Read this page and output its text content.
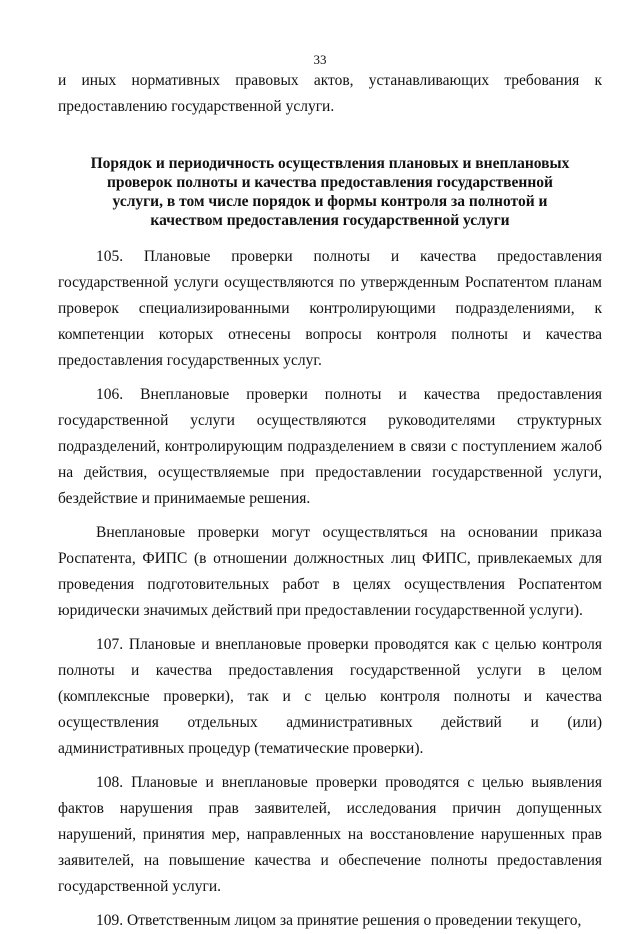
33

и иных нормативных правовых актов, устанавливающих требования к предоставлению государственной услуги.

Порядок и периодичность осуществления плановых и внеплановых проверок полноты и качества предоставления государственной услуги, в том числе порядок и формы контроля за полнотой и качеством предоставления государственной услуги

105. Плановые проверки полноты и качества предоставления государственной услуги осуществляются по утвержденным Роспатентом планам проверок специализированными контролирующими подразделениями, к компетенции которых отнесены вопросы контроля полноты и качества предоставления государственных услуг.

106. Внеплановые проверки полноты и качества предоставления государственной услуги осуществляются руководителями структурных подразделений, контролирующим подразделением в связи с поступлением жалоб на действия, осуществляемые при предоставлении государственной услуги, бездействие и принимаемые решения.

Внеплановые проверки могут осуществляться на основании приказа Роспатента, ФИПС (в отношении должностных лиц ФИПС, привлекаемых для проведения подготовительных работ в целях осуществления Роспатентом юридически значимых действий при предоставлении государственной услуги).

107. Плановые и внеплановые проверки проводятся как с целью контроля полноты и качества предоставления государственной услуги в целом (комплексные проверки), так и с целью контроля полноты и качества осуществления отдельных административных действий и (или) административных процедур (тематические проверки).

108. Плановые и внеплановые проверки проводятся с целью выявления фактов нарушения прав заявителей, исследования причин допущенных нарушений, принятия мер, направленных на восстановление нарушенных прав заявителей, на повышение качества и обеспечение полноты предоставления государственной услуги.

109. Ответственным лицом за принятие решения о проведении текущего,
